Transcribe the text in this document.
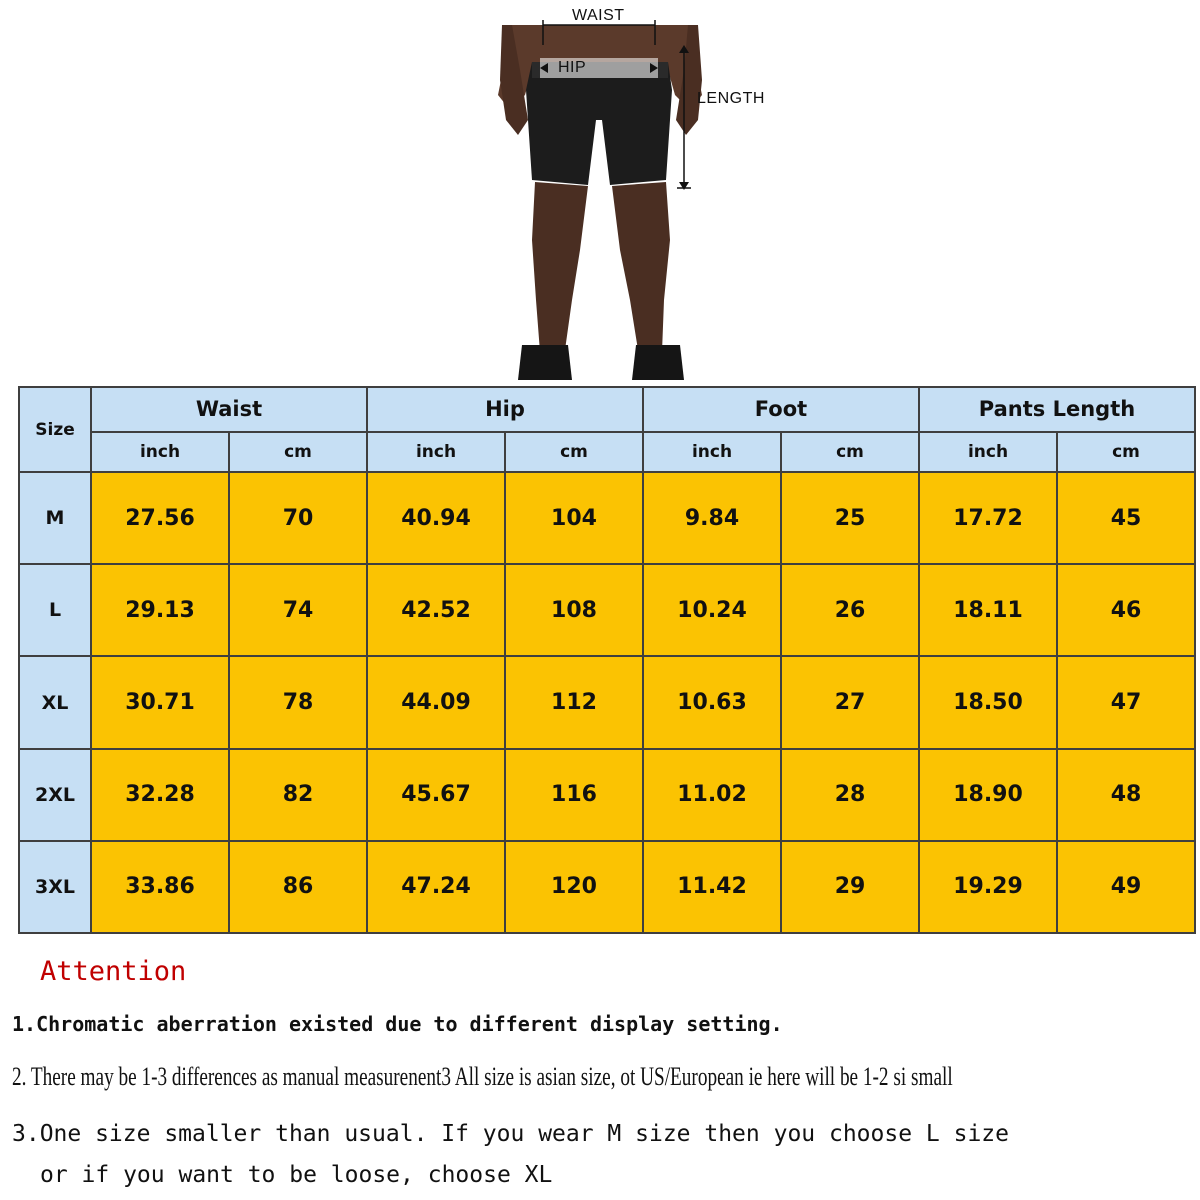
WAIST
HIP
LENGTH
Size	Waist		Hip		Foot		Pants Length	
	inch	cm	inch	cm	inch	cm	inch	cm
M	27.56	70	40.94	104	9.84	25	17.72	45
L	29.13	74	42.52	108	10.24	26	18.11	46
XL	30.71	78	44.09	112	10.63	27	18.50	47
2XL	32.28	82	45.67	116	11.02	28	18.90	48
3XL	33.86	86	47.24	120	11.42	29	19.29	49
Attention

1.Chromatic aberration existed due to different display setting.

2. There may be 1-3 differences as manual measurenent3 All size is asian size, ot US/European ie here will be 1-2 si small

3.One size smaller than usual. If you wear M size then you choose L size

or if you want to be loose, choose XL
